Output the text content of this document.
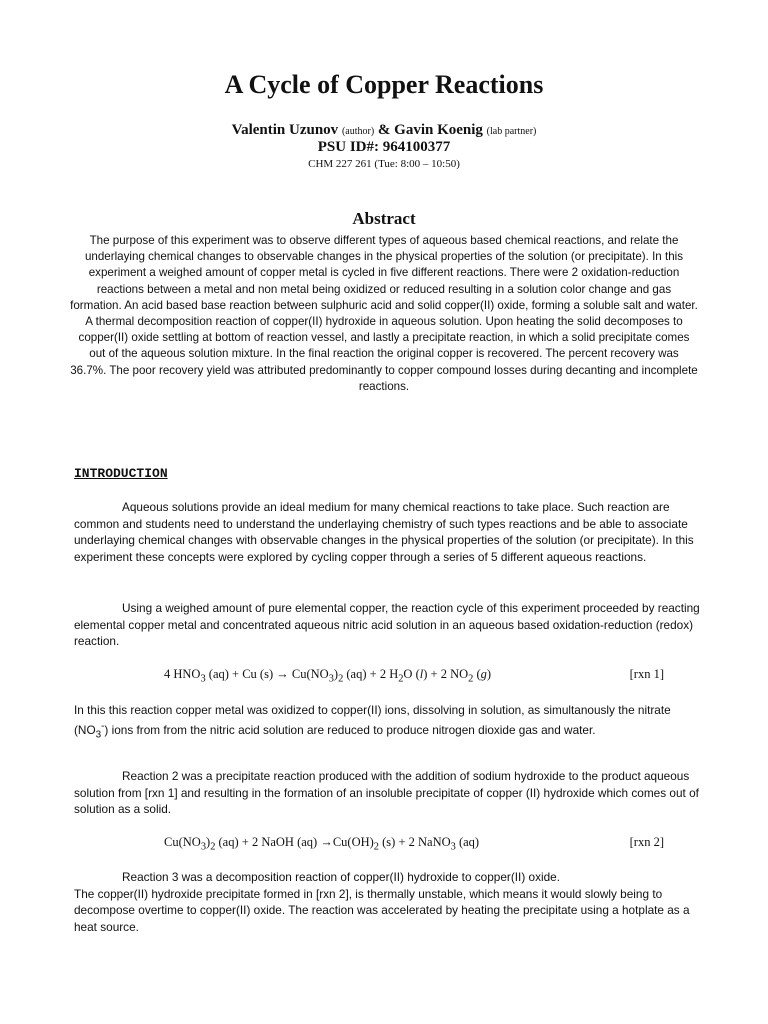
A Cycle of Copper Reactions
Valentin Uzunov (author) & Gavin Koenig (lab partner)
PSU ID#: 964100377
CHM 227 261 (Tue: 8:00 – 10:50)
Abstract

The purpose of this experiment was to observe different types of aqueous based chemical reactions, and relate the underlaying chemical changes to observable changes in the physical properties of the solution (or precipitate). In this experiment a weighed amount of copper metal is cycled in five different reactions. There were 2 oxidation-reduction reactions between a metal and non metal being oxidized or reduced resulting in a solution color change and gas formation. An acid based base reaction between sulphuric acid and solid copper(II) oxide, forming a soluble salt and water. A thermal decomposition reaction of copper(II) hydroxide in aqueous solution. Upon heating the solid decomposes to copper(II) oxide settling at bottom of reaction vessel, and lastly a precipitate reaction, in which a solid precipitate comes out of the aqueous solution mixture. In the final reaction the original copper is recovered. The percent recovery was 36.7%. The poor recovery yield was attributed predominantly to copper compound losses during decanting and incomplete reactions.

INTRODUCTION

Aqueous solutions provide an ideal medium for many chemical reactions to take place. Such reaction are common and students need to understand the underlaying chemistry of such types reactions and be able to associate underlaying chemical changes with observable changes in the physical properties of the solution (or precipitate). In this experiment these concepts were explored by cycling copper through a series of 5 different aqueous reactions.

Using a weighed amount of pure elemental copper, the reaction cycle of this experiment proceeded by reacting elemental copper metal and concentrated aqueous nitric acid solution in an aqueous based oxidation-reduction (redox) reaction.

4 $HNO_3$ (aq) + Cu $(s) \to Cu(NO_3)_2$ (aq) + 2 $H_2O$ (l) + 2 $NO_2$ (g)	[rxn 1]

In this this reaction copper metal was oxidized to copper(II) ions, dissolving in solution, as simultanously the nitrate $(NO_3^-)$ ions from from the nitric acid solution are reduced to produce nitrogen dioxide gas and water.

Reaction 2 was a precipitate reaction produced with the addition of sodium hydroxide to the product aqueous solution from [rxn 1] and resulting in the formation of an insoluble precipitate of copper (II) hydroxide which comes out of solution as a solid.

$Cu(NO_3)_2$ (aq) + 2 NaOH $(aq) \to Cu(OH)_2$ (s) + 2 NaNO$_3$ (aq)	[rxn 2]

Reaction 3 was a decomposition reaction of copper(II) hydroxide to copper(II) oxide.
The copper(II) hydroxide precipitate formed in [rxn 2], is thermally unstable, which means it would slowly being to decompose overtime to copper(II) oxide. The reaction was accelerated by heating the precipitate using a hotplate as a heat source.
